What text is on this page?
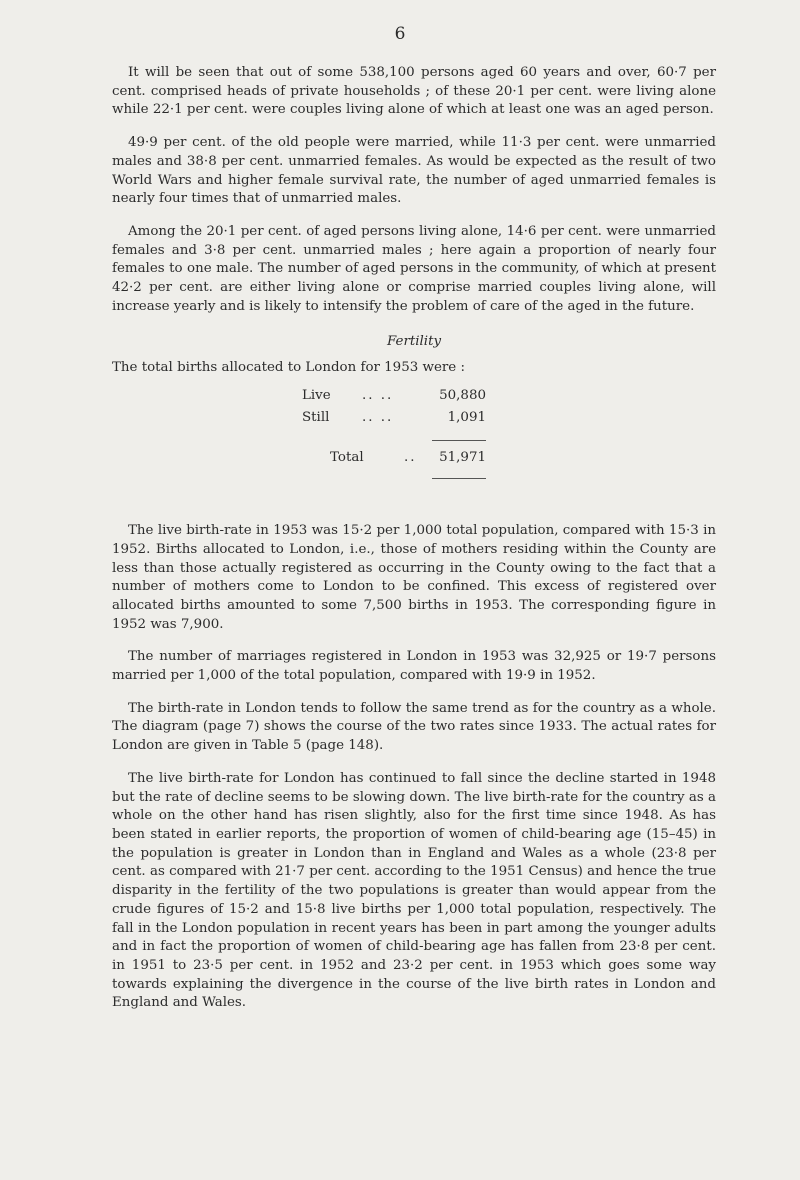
6

It will be seen that out of some 538,100 persons aged 60 years and over, 60·7 per cent. comprised heads of private households ; of these 20·1 per cent. were living alone while 22·1 per cent. were couples living alone of which at least one was an aged person.

49·9 per cent. of the old people were married, while 11·3 per cent. were unmarried males and 38·8 per cent. unmarried females. As would be expected as the result of two World Wars and higher female survival rate, the number of aged unmarried females is nearly four times that of unmarried males.

Among the 20·1 per cent. of aged persons living alone, 14·6 per cent. were unmarried females and 3·8 per cent. unmarried males ; here again a proportion of nearly four females to one male. The number of aged persons in the community, of which at present 42·2 per cent. are either living alone or comprise married couples living alone, will increase yearly and is likely to intensify the problem of care of the aged in the future.

Fertility

The total births allocated to London for 1953 were :

Live .. ..	50,880
Still .. ..	1,091
Total	.. 51,971

The live birth-rate in 1953 was 15·2 per 1,000 total population, compared with 15·3 in 1952. Births allocated to London, i.e., those of mothers residing within the County are less than those actually registered as occurring in the County owing to the fact that a number of mothers come to London to be confined. This excess of registered over allocated births amounted to some 7,500 births in 1953. The corresponding figure in 1952 was 7,900.

The number of marriages registered in London in 1953 was 32,925 or 19·7 persons married per 1,000 of the total population, compared with 19·9 in 1952.

The birth-rate in London tends to follow the same trend as for the country as a whole. The diagram (page 7) shows the course of the two rates since 1933. The actual rates for London are given in Table 5 (page 148).

The live birth-rate for London has continued to fall since the decline started in 1948 but the rate of decline seems to be slowing down. The live birth-rate for the country as a whole on the other hand has risen slightly, also for the first time since 1948. As has been stated in earlier reports, the proportion of women of child-bearing age (15–45) in the population is greater in London than in England and Wales as a whole (23·8 per cent. as compared with 21·7 per cent. according to the 1951 Census) and hence the true disparity in the fertility of the two populations is greater than would appear from the crude figures of 15·2 and 15·8 live births per 1,000 total population, respectively. The fall in the London population in recent years has been in part among the younger adults and in fact the proportion of women of child-bearing age has fallen from 23·8 per cent. in 1951 to 23·5 per cent. in 1952 and 23·2 per cent. in 1953 which goes some way towards explaining the divergence in the course of the live birth rates in London and England and Wales.
